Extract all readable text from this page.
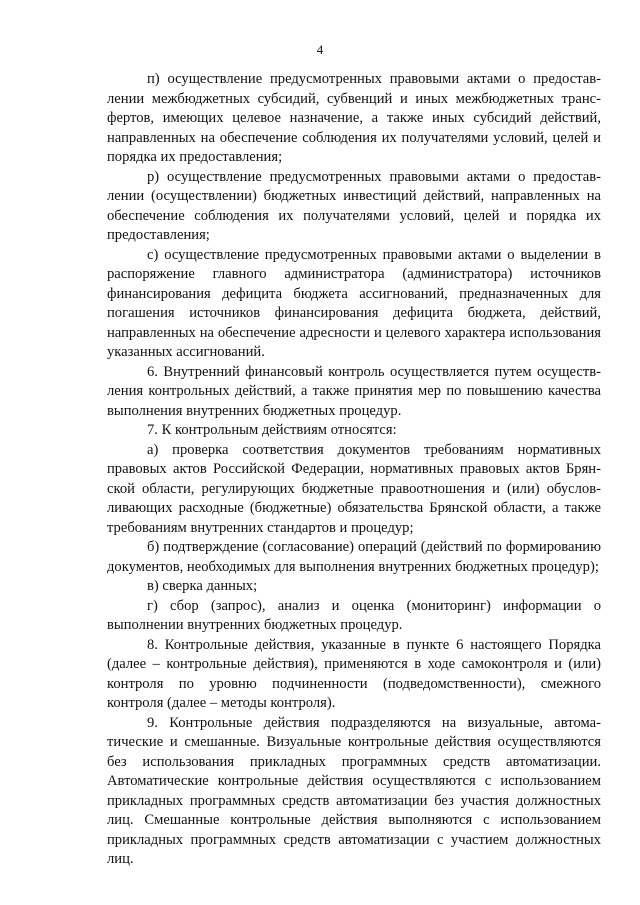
4

п) осуществление предусмотренных правовыми актами о предоставлении межбюджетных субсидий, субвенций и иных межбюджетных трансфертов, имеющих целевое назначение, а также иных субсидий действий, направленных на обеспечение соблюдения их получателями условий, целей и порядка их предоставления;

р) осуществление предусмотренных правовыми актами о предоставлении (осуществлении) бюджетных инвестиций действий, направленных на обеспечение соблюдения их получателями условий, целей и порядка их предоставления;

с) осуществление предусмотренных правовыми актами о выделении в распоряжение главного администратора (администратора) источников финансирования дефицита бюджета ассигнований, предназначенных для погашения источников финансирования дефицита бюджета, действий, направленных на обеспечение адресности и целевого характера использования указанных ассигнований.

6. Внутренний финансовый контроль осуществляется путем осуществления контрольных действий, а также принятия мер по повышению качества выполнения внутренних бюджетных процедур.

7. К контрольным действиям относятся:

а) проверка соответствия документов требованиям нормативных правовых актов Российской Федерации, нормативных правовых актов Брянской области, регулирующих бюджетные правоотношения и (или) обусловливающих расходные (бюджетные) обязательства Брянской области, а также требованиям внутренних стандартов и процедур;

б) подтверждение (согласование) операций (действий по формированию документов, необходимых для выполнения внутренних бюджетных процедур);

в) сверка данных;

г) сбор (запрос), анализ и оценка (мониторинг) информации о выполнении внутренних бюджетных процедур.

8. Контрольные действия, указанные в пункте 6 настоящего Порядка (далее – контрольные действия), применяются в ходе самоконтроля и (или) контроля по уровню подчиненности (подведомственности), смежного контроля (далее – методы контроля).

9. Контрольные действия подразделяются на визуальные, автоматические и смешанные. Визуальные контрольные действия осуществляются без использования прикладных программных средств автоматизации. Автоматические контрольные действия осуществляются с использованием прикладных программных средств автоматизации без участия должностных лиц. Смешанные контрольные действия выполняются с использованием прикладных программных средств автоматизации с участием должностных лиц.
